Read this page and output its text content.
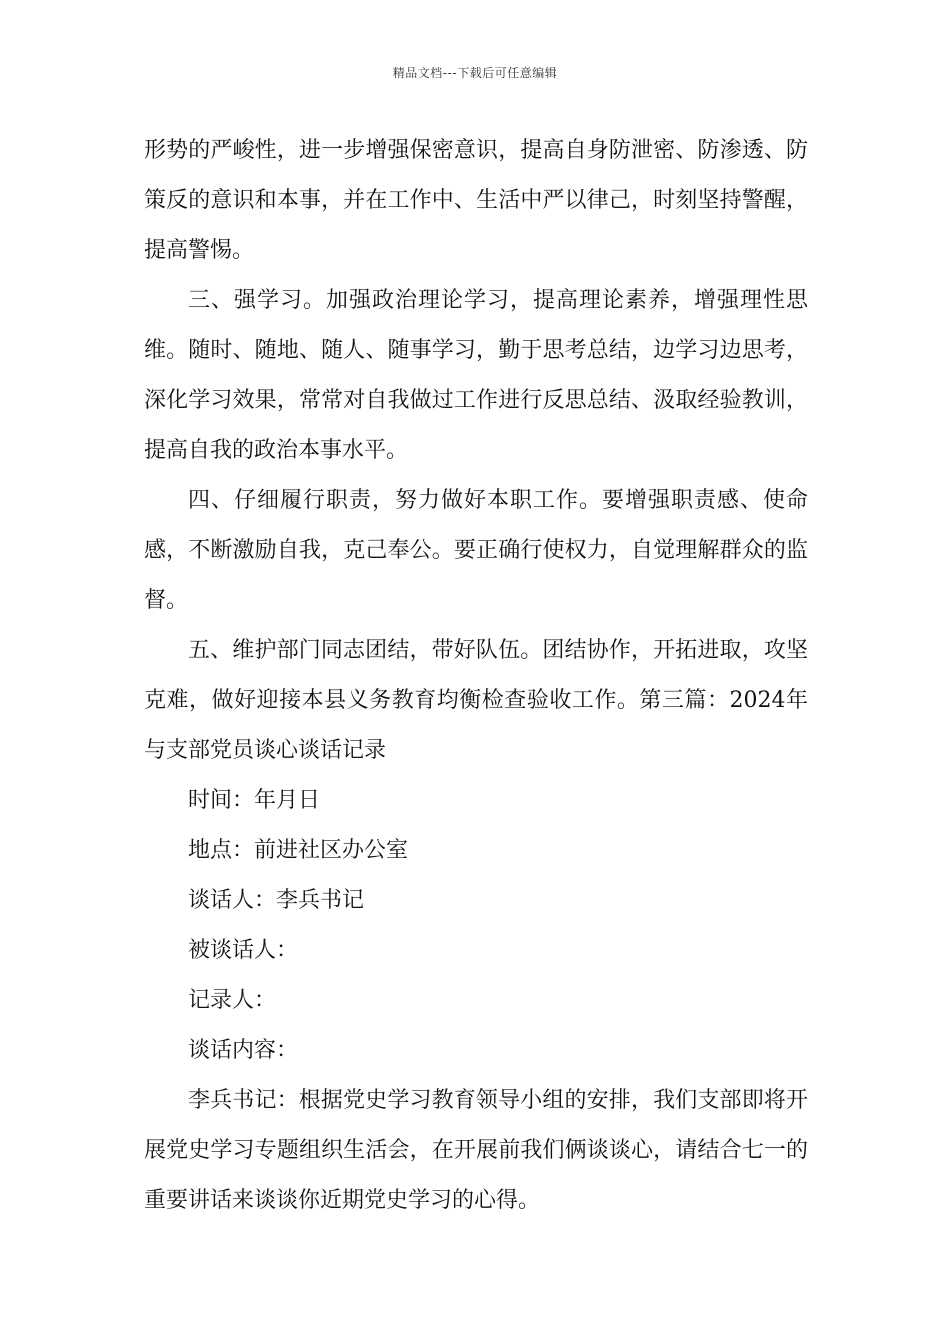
精品文档---下载后可任意编辑

形势的严峻性，进一步增强保密意识，提高自身防泄密、防渗透、防策反的意识和本事，并在工作中、生活中严以律己，时刻坚持警醒，提高警惕。

三、强学习。加强政治理论学习，提高理论素养，增强理性思维。随时、随地、随人、随事学习，勤于思考总结，边学习边思考，深化学习效果，常常对自我做过工作进行反思总结、汲取经验教训，提高自我的政治本事水平。

四、仔细履行职责，努力做好本职工作。要增强职责感、使命感，不断激励自我，克己奉公。要正确行使权力，自觉理解群众的监督。

五、维护部门同志团结，带好队伍。团结协作，开拓进取，攻坚克难，做好迎接本县义务教育均衡检查验收工作。第三篇：2024年与支部党员谈心谈话记录

时间：年月日

地点：前进社区办公室

谈话人：李兵书记

被谈话人：

记录人：

谈话内容：

李兵书记：根据党史学习教育领导小组的安排，我们支部即将开展党史学习专题组织生活会，在开展前我们俩谈谈心，请结合七一的重要讲话来谈谈你近期党史学习的心得。
